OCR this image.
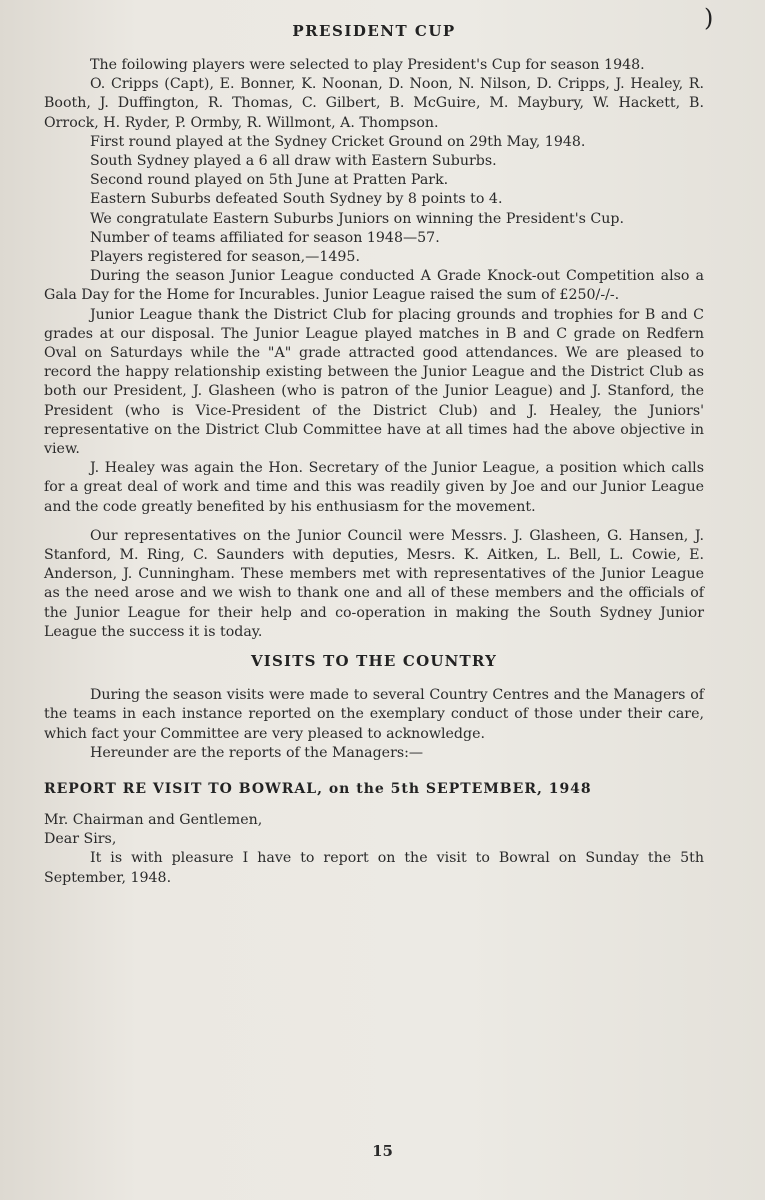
)
PRESIDENT CUP

The foilowing players were selected to play President's Cup for season 1948.

O. Cripps (Capt), E. Bonner, K. Noonan, D. Noon, N. Nilson, D. Cripps, J. Healey, R. Booth, J. Duffington, R. Thomas, C. Gilbert, B. McGuire, M. Maybury, W. Hackett, B. Orrock, H. Ryder, P. Ormby, R. Willmont, A. Thompson.

First round played at the Sydney Cricket Ground on 29th May, 1948.

South Sydney played a 6 all draw with Eastern Suburbs.

Second round played on 5th June at Pratten Park.

Eastern Suburbs defeated South Sydney by 8 points to 4.

We congratulate Eastern Suburbs Juniors on winning the President's Cup.

Number of teams affiliated for season 1948—57.

Players registered for season,—1495.

During the season Junior League conducted A Grade Knock-out Competition also a Gala Day for the Home for Incurables. Junior League raised the sum of £250/-/-.

Junior League thank the District Club for placing grounds and trophies for B and C grades at our disposal. The Junior League played matches in B and C grade on Redfern Oval on Saturdays while the "A" grade attracted good attendances. We are pleased to record the happy relationship existing between the Junior League and the District Club as both our President, J. Glasheen (who is patron of the Junior League) and J. Stanford, the President (who is Vice-President of the District Club) and J. Healey, the Juniors' representative on the District Club Committee have at all times had the above objective in view.

J. Healey was again the Hon. Secretary of the Junior League, a position which calls for a great deal of work and time and this was readily given by Joe and our Junior League and the code greatly benefited by his enthusiasm for the movement.

Our representatives on the Junior Council were Messrs. J. Glasheen, G. Hansen, J. Stanford, M. Ring, C. Saunders with deputies, Mesrs. K. Aitken, L. Bell, L. Cowie, E. Anderson, J. Cunningham. These members met with representatives of the Junior League as the need arose and we wish to thank one and all of these members and the officials of the Junior League for their help and co-operation in making the South Sydney Junior League the success it is today.

VISITS TO THE COUNTRY

During the season visits were made to several Country Centres and the Managers of the teams in each instance reported on the exemplary conduct of those under their care, which fact your Committee are very pleased to acknowledge.

Hereunder are the reports of the Managers:—

REPORT RE VISIT TO BOWRAL, on the 5th SEPTEMBER, 1948

Mr. Chairman and Gentlemen,

Dear Sirs,

It is with pleasure I have to report on the visit to Bowral on Sunday the 5th September, 1948.

15
